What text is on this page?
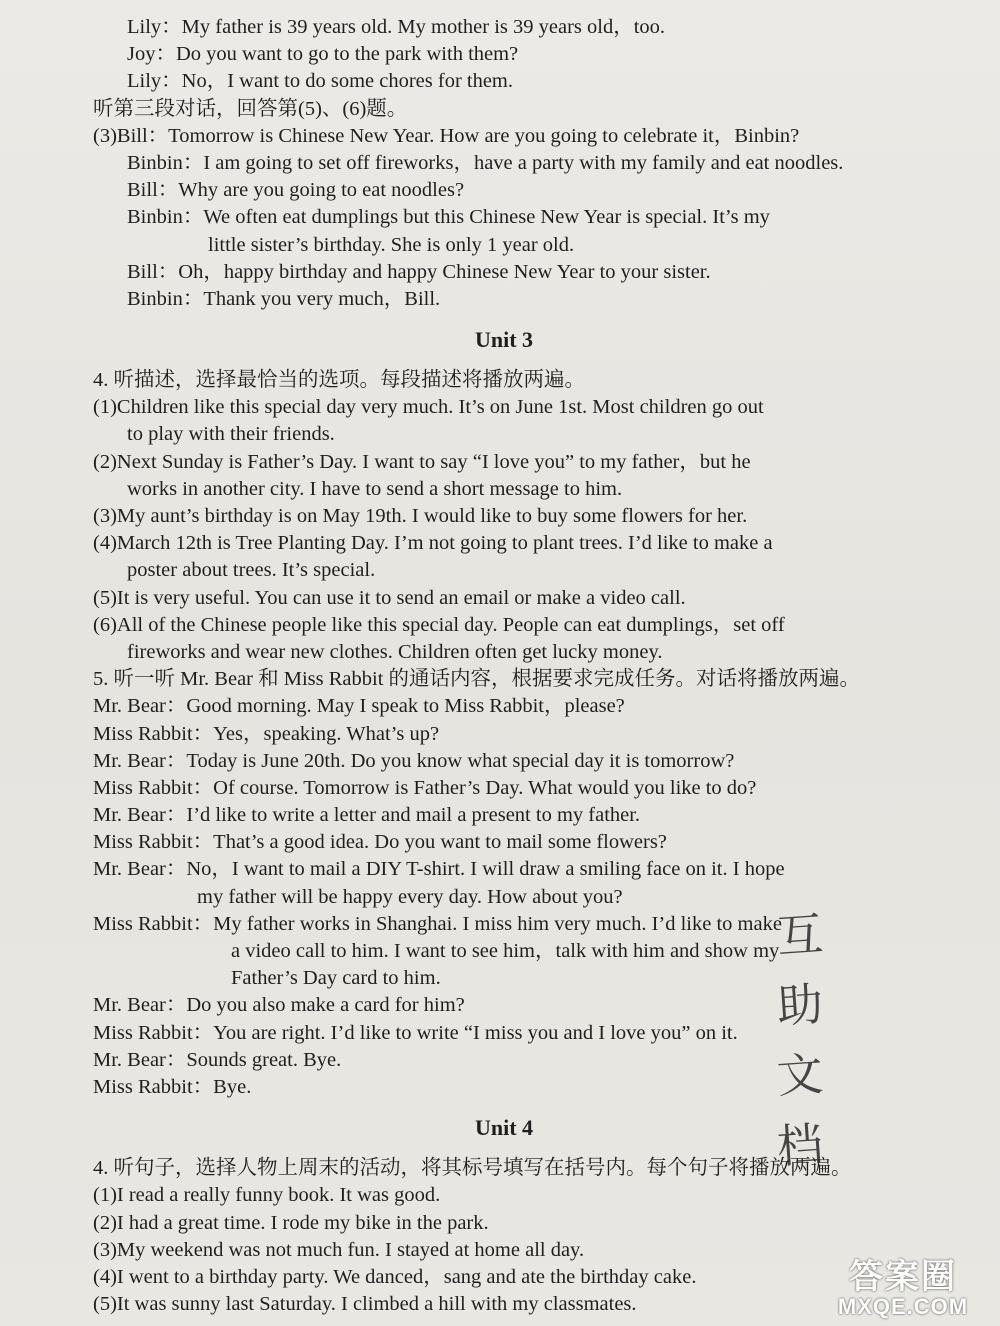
Lily：My father is 39 years old. My mother is 39 years old，too.
Joy：Do you want to go to the park with them?
Lily：No，I want to do some chores for them.
听第三段对话，回答第(5)、(6)题。
(3)Bill：Tomorrow is Chinese New Year. How are you going to celebrate it，Binbin?
Binbin：I am going to set off fireworks，have a party with my family and eat noodles.
Bill：Why are you going to eat noodles?
Binbin：We often eat dumplings but this Chinese New Year is special. It’s my
little sister’s birthday. She is only 1 year old.
Bill：Oh，happy birthday and happy Chinese New Year to your sister.
Binbin：Thank you very much，Bill.
Unit 3
4. 听描述，选择最恰当的选项。每段描述将播放两遍。
(1)Children like this special day very much. It’s on June 1st. Most children go out
to play with their friends.
(2)Next Sunday is Father’s Day. I want to say “I love you” to my father，but he
works in another city. I have to send a short message to him.
(3)My aunt’s birthday is on May 19th. I would like to buy some flowers for her.
(4)March 12th is Tree Planting Day. I’m not going to plant trees. I’d like to make a
poster about trees. It’s special.
(5)It is very useful. You can use it to send an email or make a video call.
(6)All of the Chinese people like this special day. People can eat dumplings，set off
fireworks and wear new clothes. Children often get lucky money.
5. 听一听 Mr. Bear 和 Miss Rabbit 的通话内容，根据要求完成任务。对话将播放两遍。
Mr. Bear：Good morning. May I speak to Miss Rabbit，please?
Miss Rabbit：Yes，speaking. What’s up?
Mr. Bear：Today is June 20th. Do you know what special day it is tomorrow?
Miss Rabbit：Of course. Tomorrow is Father’s Day. What would you like to do?
Mr. Bear：I’d like to write a letter and mail a present to my father.
Miss Rabbit：That’s a good idea. Do you want to mail some flowers?
Mr. Bear：No，I want to mail a DIY T-shirt. I will draw a smiling face on it. I hope
my father will be happy every day. How about you?
Miss Rabbit：My father works in Shanghai. I miss him very much. I’d like to make
a video call to him. I want to see him，talk with him and show my
Father’s Day card to him.
Mr. Bear：Do you also make a card for him?
Miss Rabbit：You are right. I’d like to write “I miss you and I love you” on it.
Mr. Bear：Sounds great. Bye.
Miss Rabbit：Bye.
Unit 4
4. 听句子，选择人物上周末的活动，将其标号填写在括号内。每个句子将播放两遍。
(1)I read a really funny book. It was good.
(2)I had a great time. I rode my bike in the park.
(3)My weekend was not much fun. I stayed at home all day.
(4)I went to a birthday party. We danced，sang and ate the birthday cake.
(5)It was sunny last Saturday. I climbed a hill with my classmates.
互
助
文
档
答案圈
MXQE.COM
